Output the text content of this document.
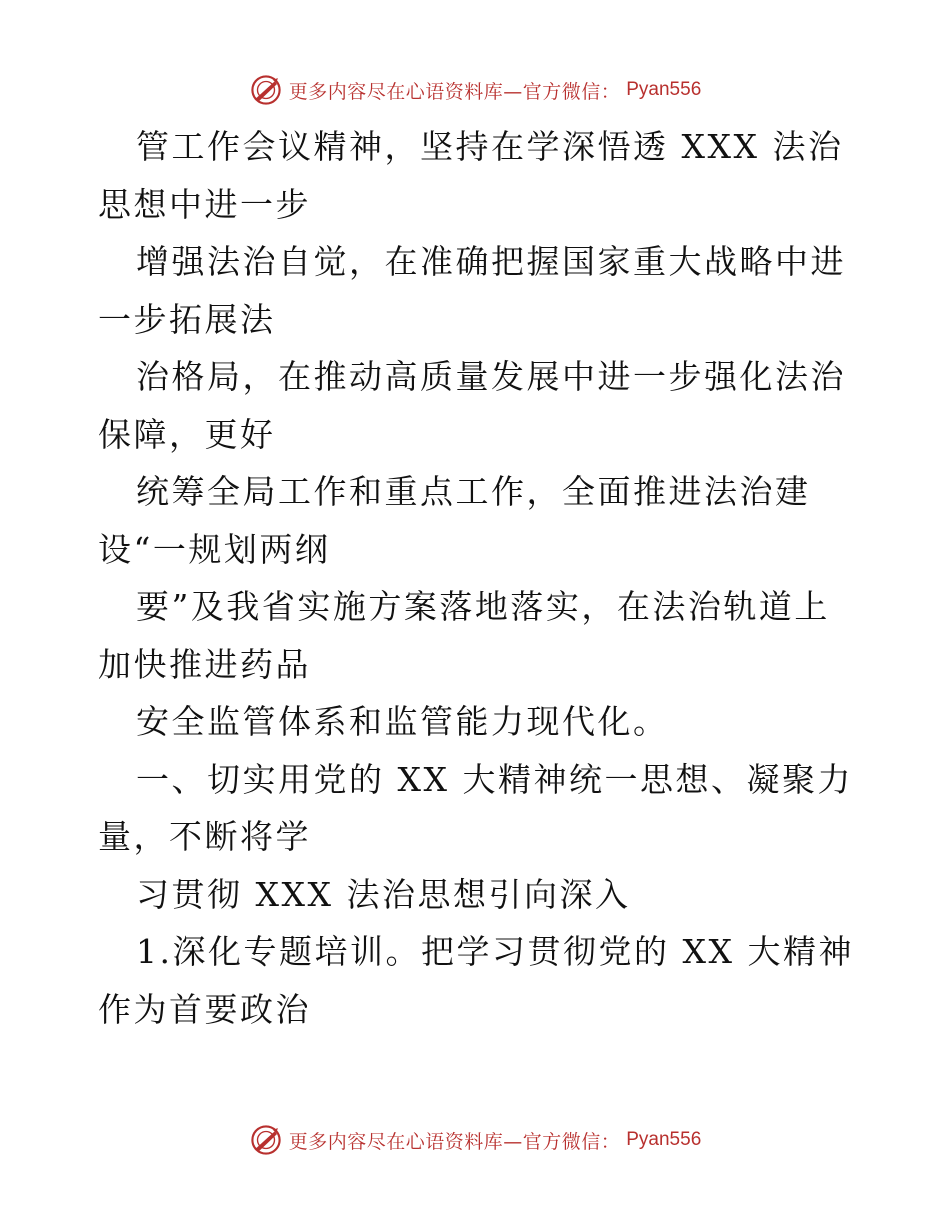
更多内容尽在心语资料库—官方微信： Pyan556

管工作会议精神，坚持在学深悟透 XXX 法治思想中进一步

增强法治自觉，在准确把握国家重大战略中进一步拓展法

治格局，在推动高质量发展中进一步强化法治保障，更好

统筹全局工作和重点工作，全面推进法治建设“一规划两纲

要”及我省实施方案落地落实，在法治轨道上加快推进药品

安全监管体系和监管能力现代化。

一、切实用党的 XX 大精神统一思想、凝聚力量，不断将学

习贯彻 XXX 法治思想引向深入

1.深化专题培训。把学习贯彻党的 XX 大精神作为首要政治

更多内容尽在心语资料库—官方微信： Pyan556
